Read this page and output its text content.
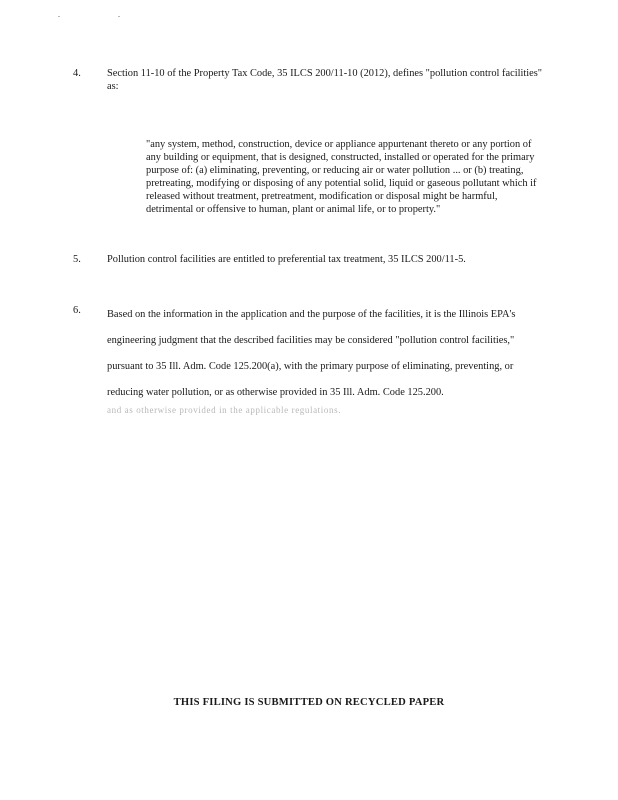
. .
4.	Section 11-10 of the Property Tax Code, 35 ILCS 200/11-10 (2012), defines "pollution control facilities" as:
"any system, method, construction, device or appliance appurtenant thereto or any portion of any building or equipment, that is designed, constructed, installed or operated for the primary purpose of: (a) eliminating, preventing, or reducing air or water pollution ... or (b) treating, pretreating, modifying or disposing of any potential solid, liquid or gaseous pollutant which if released without treatment, pretreatment, modification or disposal might be harmful, detrimental or offensive to human, plant or animal life, or to property."
5.	Pollution control facilities are entitled to preferential tax treatment, 35 ILCS 200/11-5.
6.	Based on the information in the application and the purpose of the facilities, it is the Illinois EPA's engineering judgment that the described facilities may be considered "pollution control facilities," pursuant to 35 Ill. Adm. Code 125.200(a), with the primary purpose of eliminating, preventing, or reducing water pollution, or as otherwise provided in 35 Ill. Adm. Code 125.200.
and as otherwise provided in the applicable regulations.
THIS FILING IS SUBMITTED ON RECYCLED PAPER
